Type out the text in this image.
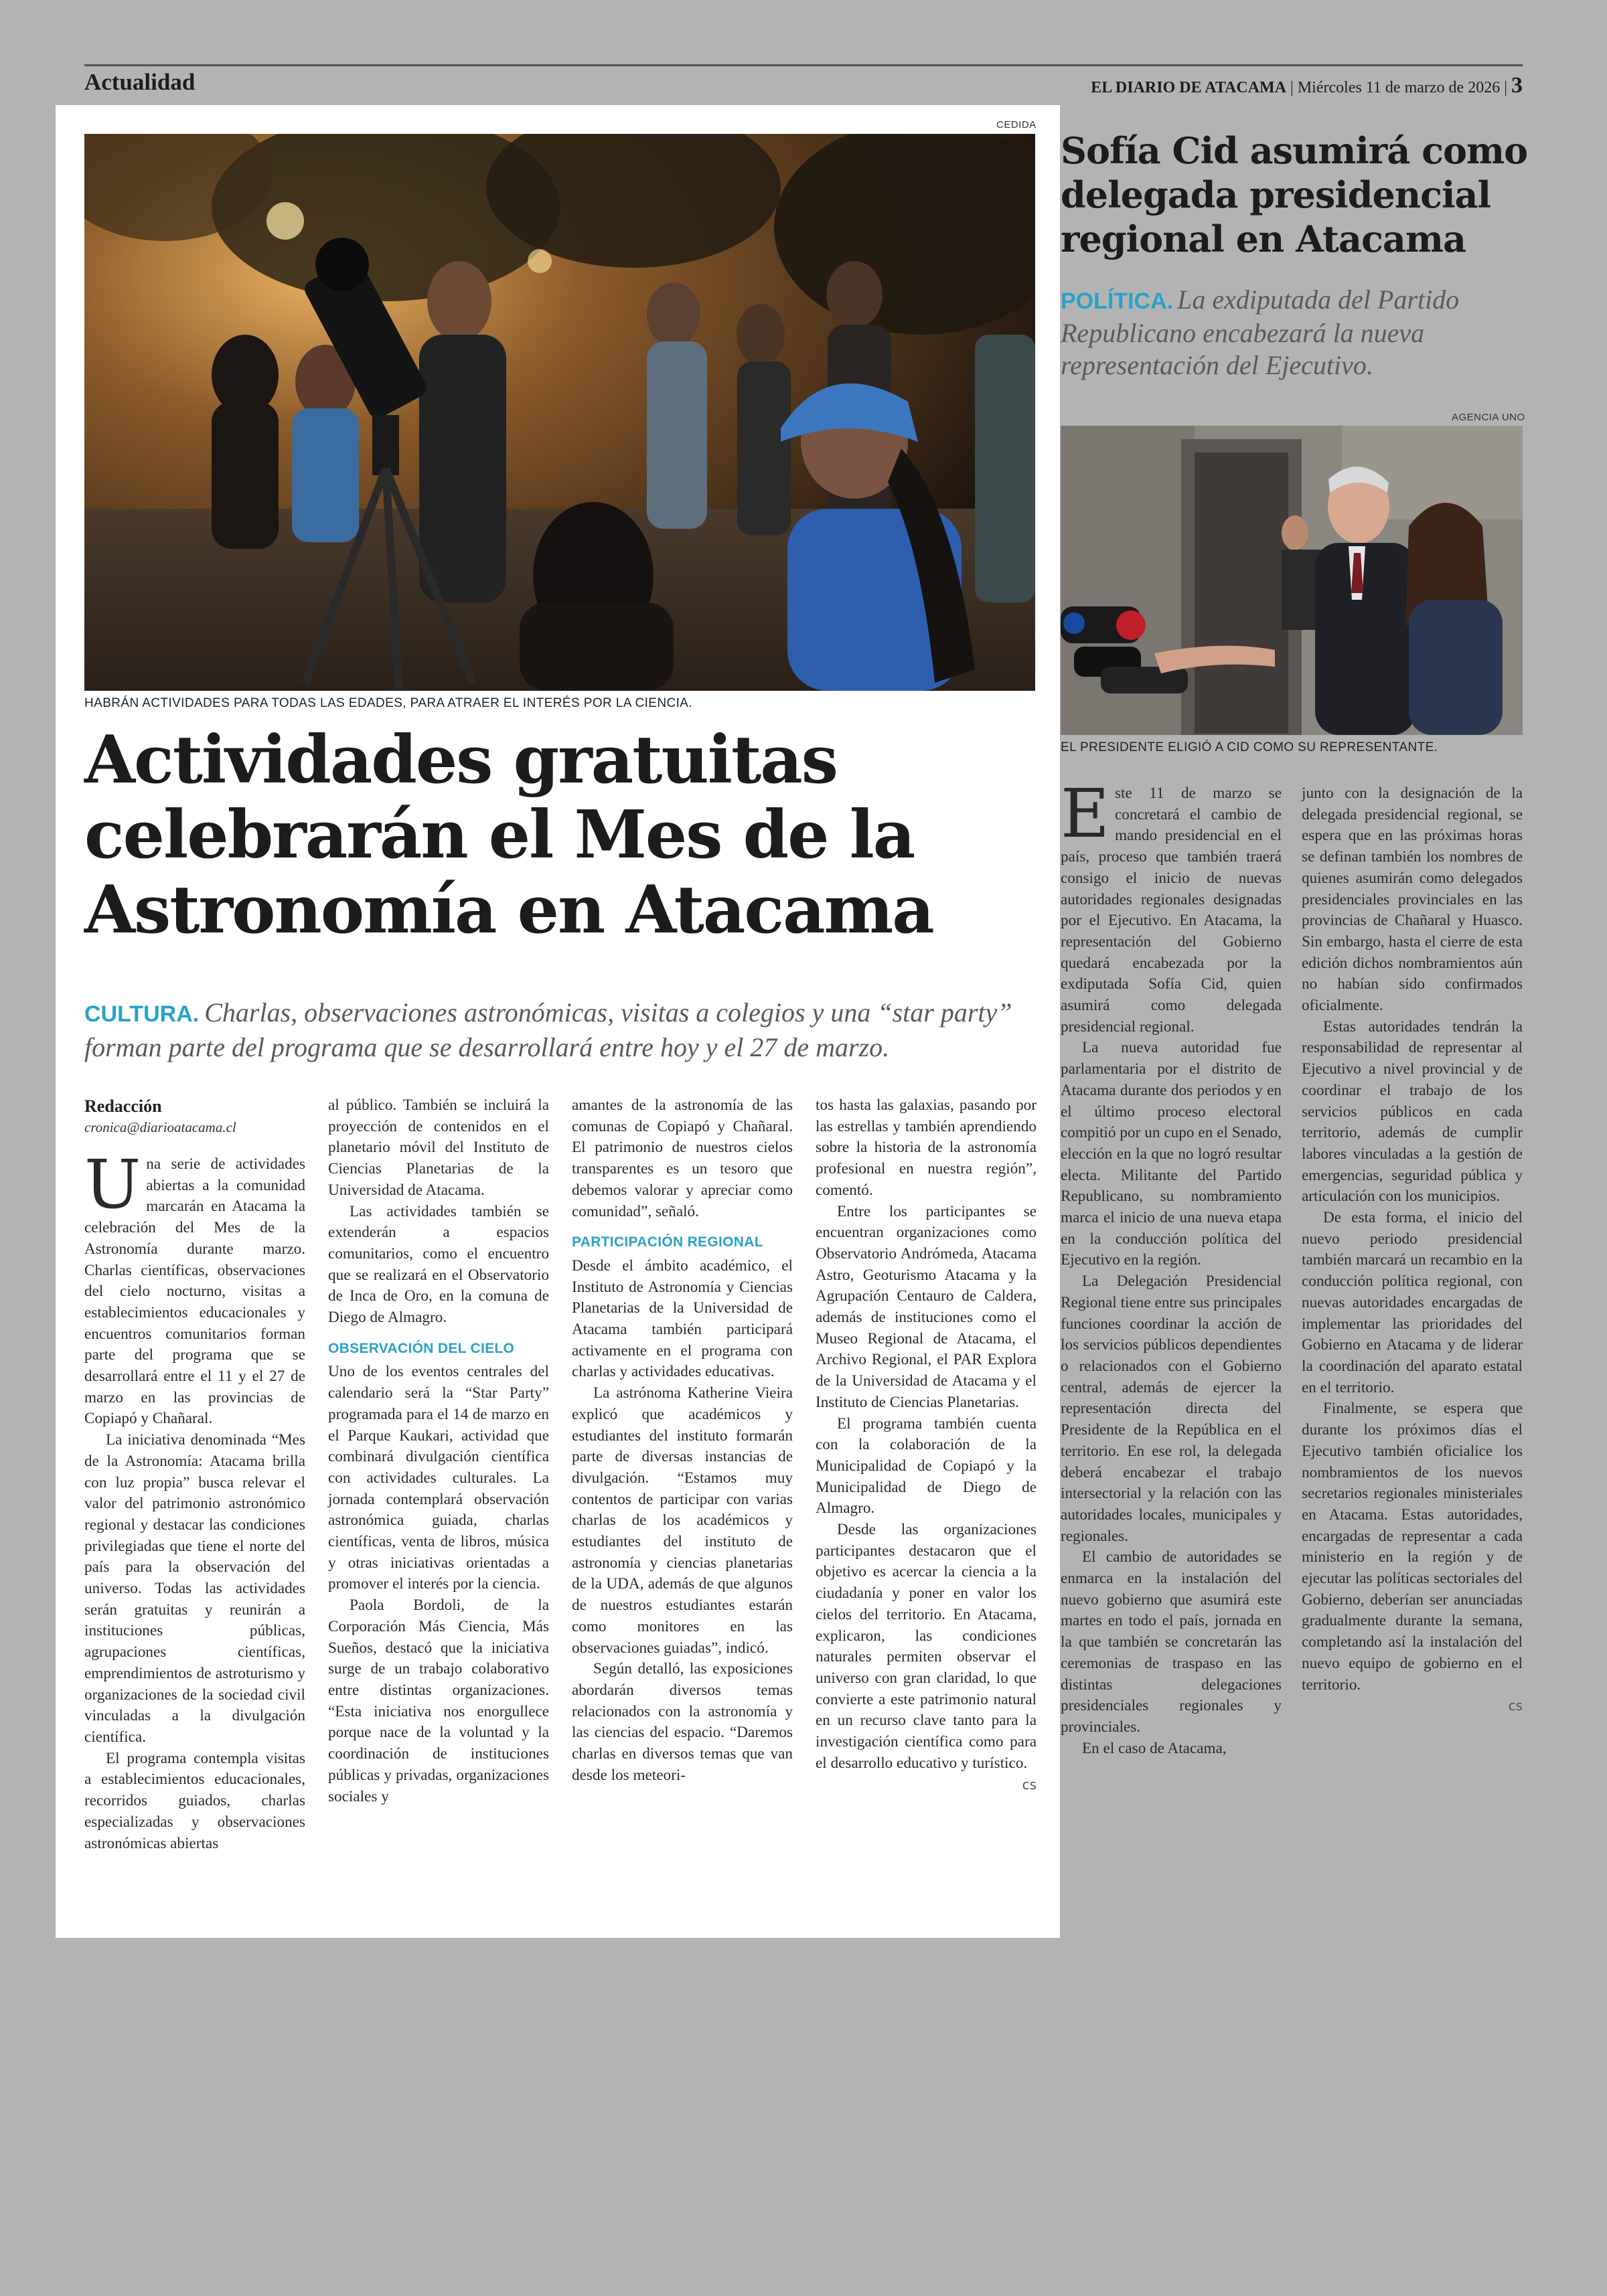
Actualidad	EL DIARIO DE ATACAMA | Miércoles 11 de marzo de 2026 | 3
CEDIDA
HABRÁN ACTIVIDADES PARA TODAS LAS EDADES, PARA ATRAER EL INTERÉS POR LA CIENCIA.
Actividades gratuitas
celebrarán el Mes de la
Astronomía en Atacama
CULTURA. Charlas, observaciones astronómicas, visitas a colegios y una “star party” forman parte del programa que se desarrollará entre hoy y el 27 de marzo.
Redacción
cronica@diarioatacama.cl

Una serie de actividades abiertas a la comunidad marcarán en Atacama la celebración del Mes de la Astronomía durante marzo. Charlas científicas, observaciones del cielo nocturno, visitas a establecimientos educacionales y encuentros comunitarios forman parte del programa que se desarrollará entre el 11 y el 27 de marzo en las provincias de Copiapó y Chañaral.

La iniciativa denominada “Mes de la Astronomía: Atacama brilla con luz propia” busca relevar el valor del patrimonio astronómico regional y destacar las condiciones privilegiadas que tiene el norte del país para la observación del universo. Todas las actividades serán gratuitas y reunirán a instituciones públicas, agrupaciones científicas, emprendimientos de astroturismo y organizaciones de la sociedad civil vinculadas a la divulgación científica.

El programa contempla visitas a establecimientos educacionales, recorridos guiados, charlas especializadas y observaciones astronómicas abiertas

al público. También se incluirá la proyección de contenidos en el planetario móvil del Instituto de Ciencias Planetarias de la Universidad de Atacama.

Las actividades también se extenderán a espacios comunitarios, como el encuentro que se realizará en el Observatorio de Inca de Oro, en la comuna de Diego de Almagro.

OBSERVACIÓN DEL CIELO

Uno de los eventos centrales del calendario será la “Star Party” programada para el 14 de marzo en el Parque Kaukari, actividad que combinará divulgación científica con actividades culturales. La jornada contemplará observación astronómica guiada, charlas científicas, venta de libros, música y otras iniciativas orientadas a promover el interés por la ciencia.

Paola Bordoli, de la Corporación Más Ciencia, Más Sueños, destacó que la iniciativa surge de un trabajo colaborativo entre distintas organizaciones. “Esta iniciativa nos enorgullece porque nace de la voluntad y la coordinación de instituciones públicas y privadas, organizaciones sociales y

amantes de la astronomía de las comunas de Copiapó y Chañaral. El patrimonio de nuestros cielos transparentes es un tesoro que debemos valorar y apreciar como comunidad”, señaló.

PARTICIPACIÓN REGIONAL

Desde el ámbito académico, el Instituto de Astronomía y Ciencias Planetarias de la Universidad de Atacama también participará activamente en el programa con charlas y actividades educativas.

La astrónoma Katherine Vieira explicó que académicos y estudiantes del instituto formarán parte de diversas instancias de divulgación. “Estamos muy contentos de participar con varias charlas de los académicos y estudiantes del instituto de astronomía y ciencias planetarias de la UDA, además de que algunos de nuestros estudiantes estarán como monitores en las observaciones guiadas”, indicó.

Según detalló, las exposiciones abordarán diversos temas relacionados con la astronomía y las ciencias del espacio. “Daremos charlas en diversos temas que van desde los meteori-

tos hasta las galaxias, pasando por las estrellas y también aprendiendo sobre la historia de la astronomía profesional en nuestra región”, comentó.

Entre los participantes se encuentran organizaciones como Observatorio Andrómeda, Atacama Astro, Geoturismo Atacama y la Agrupación Centauro de Caldera, además de instituciones como el Museo Regional de Atacama, el Archivo Regional, el PAR Explora de la Universidad de Atacama y el Instituto de Ciencias Planetarias.

El programa también cuenta con la colaboración de la Municipalidad de Copiapó y la Municipalidad de Diego de Almagro.

Desde las organizaciones participantes destacaron que el objetivo es acercar la ciencia a la ciudadanía y poner en valor los cielos del territorio. En Atacama, explicaron, las condiciones naturales permiten observar el universo con gran claridad, lo que convierte a este patrimonio natural en un recurso clave tanto para la investigación científica como para el desarrollo educativo y turístico.

cs
Sofía Cid asumirá como
delegada presidencial
regional en Atacama
POLÍTICA. La exdiputada del Partido Republicano encabezará la nueva representación del Ejecutivo.
AGENCIA UNO
EL PRESIDENTE ELIGIÓ A CID COMO SU REPRESENTANTE.

Este 11 de marzo se concretará el cambio de mando presidencial en el país, proceso que también traerá consigo el inicio de nuevas autoridades regionales designadas por el Ejecutivo. En Atacama, la representación del Gobierno quedará encabezada por la exdiputada Sofía Cid, quien asumirá como delegada presidencial regional.

La nueva autoridad fue parlamentaria por el distrito de Atacama durante dos periodos y en el último proceso electoral compitió por un cupo en el Senado, elección en la que no logró resultar electa. Militante del Partido Republicano, su nombramiento marca el inicio de una nueva etapa en la conducción política del Ejecutivo en la región.

La Delegación Presidencial Regional tiene entre sus principales funciones coordinar la acción de los servicios públicos dependientes o relacionados con el Gobierno central, además de ejercer la representación directa del Presidente de la República en el territorio. En ese rol, la delegada deberá encabezar el trabajo intersectorial y la relación con las autoridades locales, municipales y regionales.

El cambio de autoridades se enmarca en la instalación del nuevo gobierno que asumirá este martes en todo el país, jornada en la que también se concretarán las ceremonias de traspaso en las distintas delegaciones presidenciales regionales y provinciales.

En el caso de Atacama,

junto con la designación de la delegada presidencial regional, se espera que en las próximas horas se definan también los nombres de quienes asumirán como delegados presidenciales provinciales en las provincias de Chañaral y Huasco. Sin embargo, hasta el cierre de esta edición dichos nombramientos aún no habían sido confirmados oficialmente.

Estas autoridades tendrán la responsabilidad de representar al Ejecutivo a nivel provincial y de coordinar el trabajo de los servicios públicos en cada territorio, además de cumplir labores vinculadas a la gestión de emergencias, seguridad pública y articulación con los municipios.

De esta forma, el inicio del nuevo periodo presidencial también marcará un recambio en la conducción política regional, con nuevas autoridades encargadas de implementar las prioridades del Gobierno en Atacama y de liderar la coordinación del aparato estatal en el territorio.

Finalmente, se espera que durante los próximos días el Ejecutivo también oficialice los nombramientos de los nuevos secretarios regionales ministeriales en Atacama. Estas autoridades, encargadas de representar a cada ministerio en la región y de ejecutar las políticas sectoriales del Gobierno, deberían ser anunciadas gradualmente durante la semana, completando así la instalación del nuevo equipo de gobierno en el territorio.

cs
